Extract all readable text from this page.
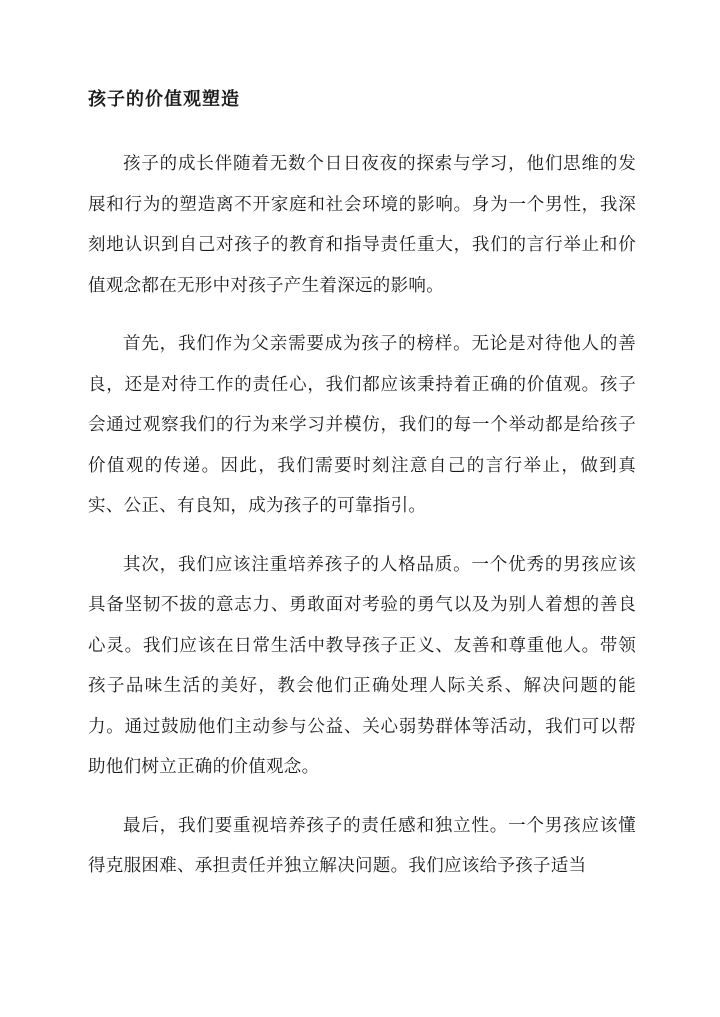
孩子的价值观塑造

孩子的成长伴随着无数个日日夜夜的探索与学习，他们思维的发展和行为的塑造离不开家庭和社会环境的影响。身为一个男性，我深刻地认识到自己对孩子的教育和指导责任重大，我们的言行举止和价值观念都在无形中对孩子产生着深远的影响。

首先，我们作为父亲需要成为孩子的榜样。无论是对待他人的善良，还是对待工作的责任心，我们都应该秉持着正确的价值观。孩子会通过观察我们的行为来学习并模仿，我们的每一个举动都是给孩子价值观的传递。因此，我们需要时刻注意自己的言行举止，做到真实、公正、有良知，成为孩子的可靠指引。

其次，我们应该注重培养孩子的人格品质。一个优秀的男孩应该具备坚韧不拔的意志力、勇敢面对考验的勇气以及为别人着想的善良心灵。我们应该在日常生活中教导孩子正义、友善和尊重他人。带领孩子品味生活的美好，教会他们正确处理人际关系、解决问题的能力。通过鼓励他们主动参与公益、关心弱势群体等活动，我们可以帮助他们树立正确的价值观念。

最后，我们要重视培养孩子的责任感和独立性。一个男孩应该懂得克服困难、承担责任并独立解决问题。我们应该给予孩子适当
